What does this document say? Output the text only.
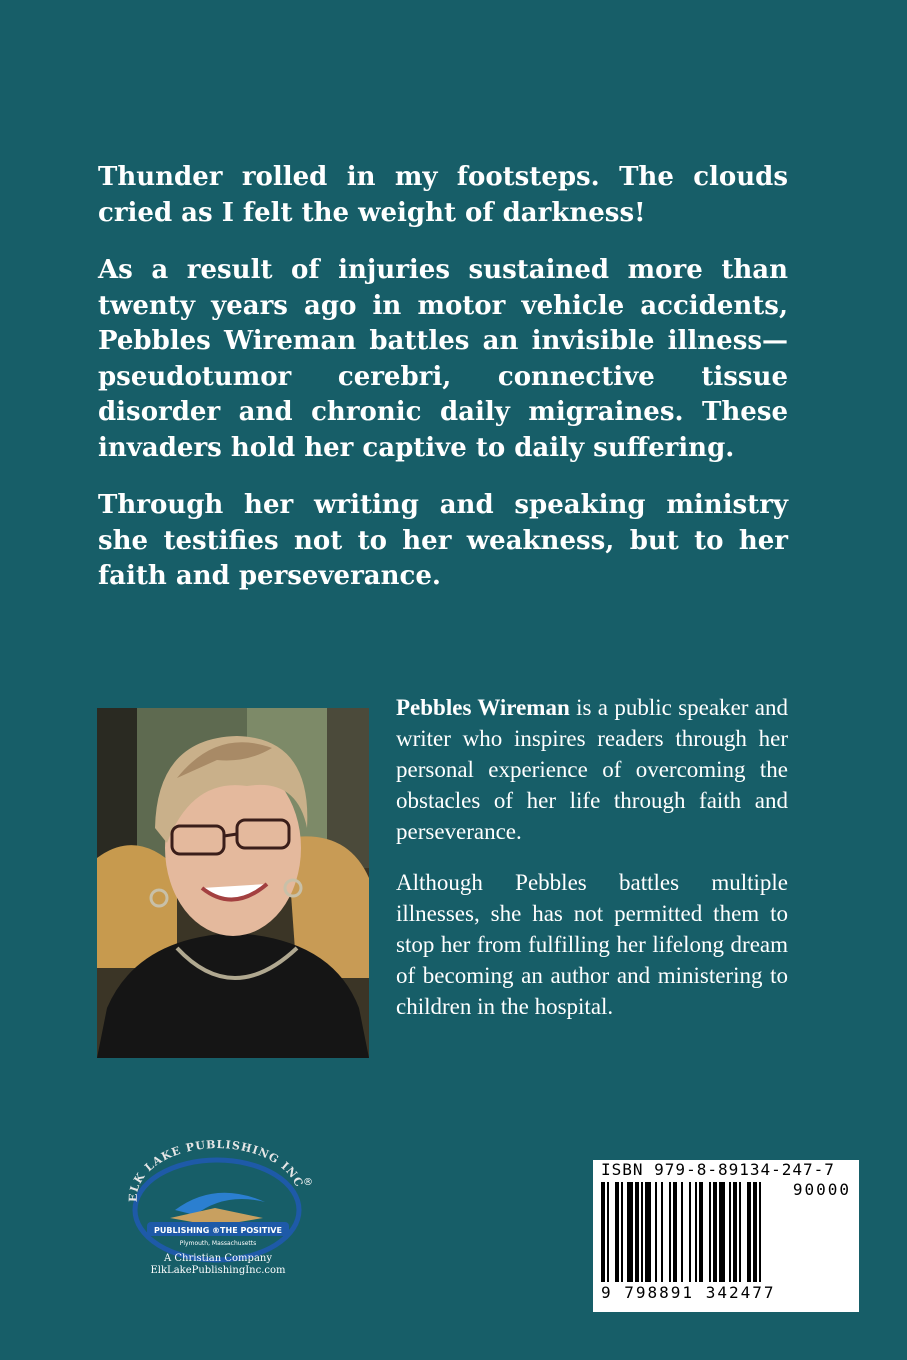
Thunder rolled in my footsteps. The clouds cried as I felt the weight of darkness!

As a result of injuries sustained more than twenty years ago in motor vehicle accidents, Pebbles Wireman battles an invisible illness—pseudotumor cerebri, connective tissue disorder and chronic daily migraines. These invaders hold her captive to daily suffering.

Through her writing and speaking ministry she testifies not to her weakness, but to her faith and perseverance.

Pebbles Wireman is a public speaker and writer who inspires readers through her personal experience of overcoming the obstacles of her life through faith and perseverance.

Although Pebbles battles multiple illnesses, she has not permitted them to stop her from fulfilling her lifelong dream of becoming an author and ministering to children in the hospital.

ELK LAKE PUBLISHING INC
®
PUBLISHING ®THE POSITIVE
Plymouth, Massachusetts
A Christian Company
ElkLakePublishingInc.com
ISBN 979-8-89134-247-7
90000
9 798891 342477
